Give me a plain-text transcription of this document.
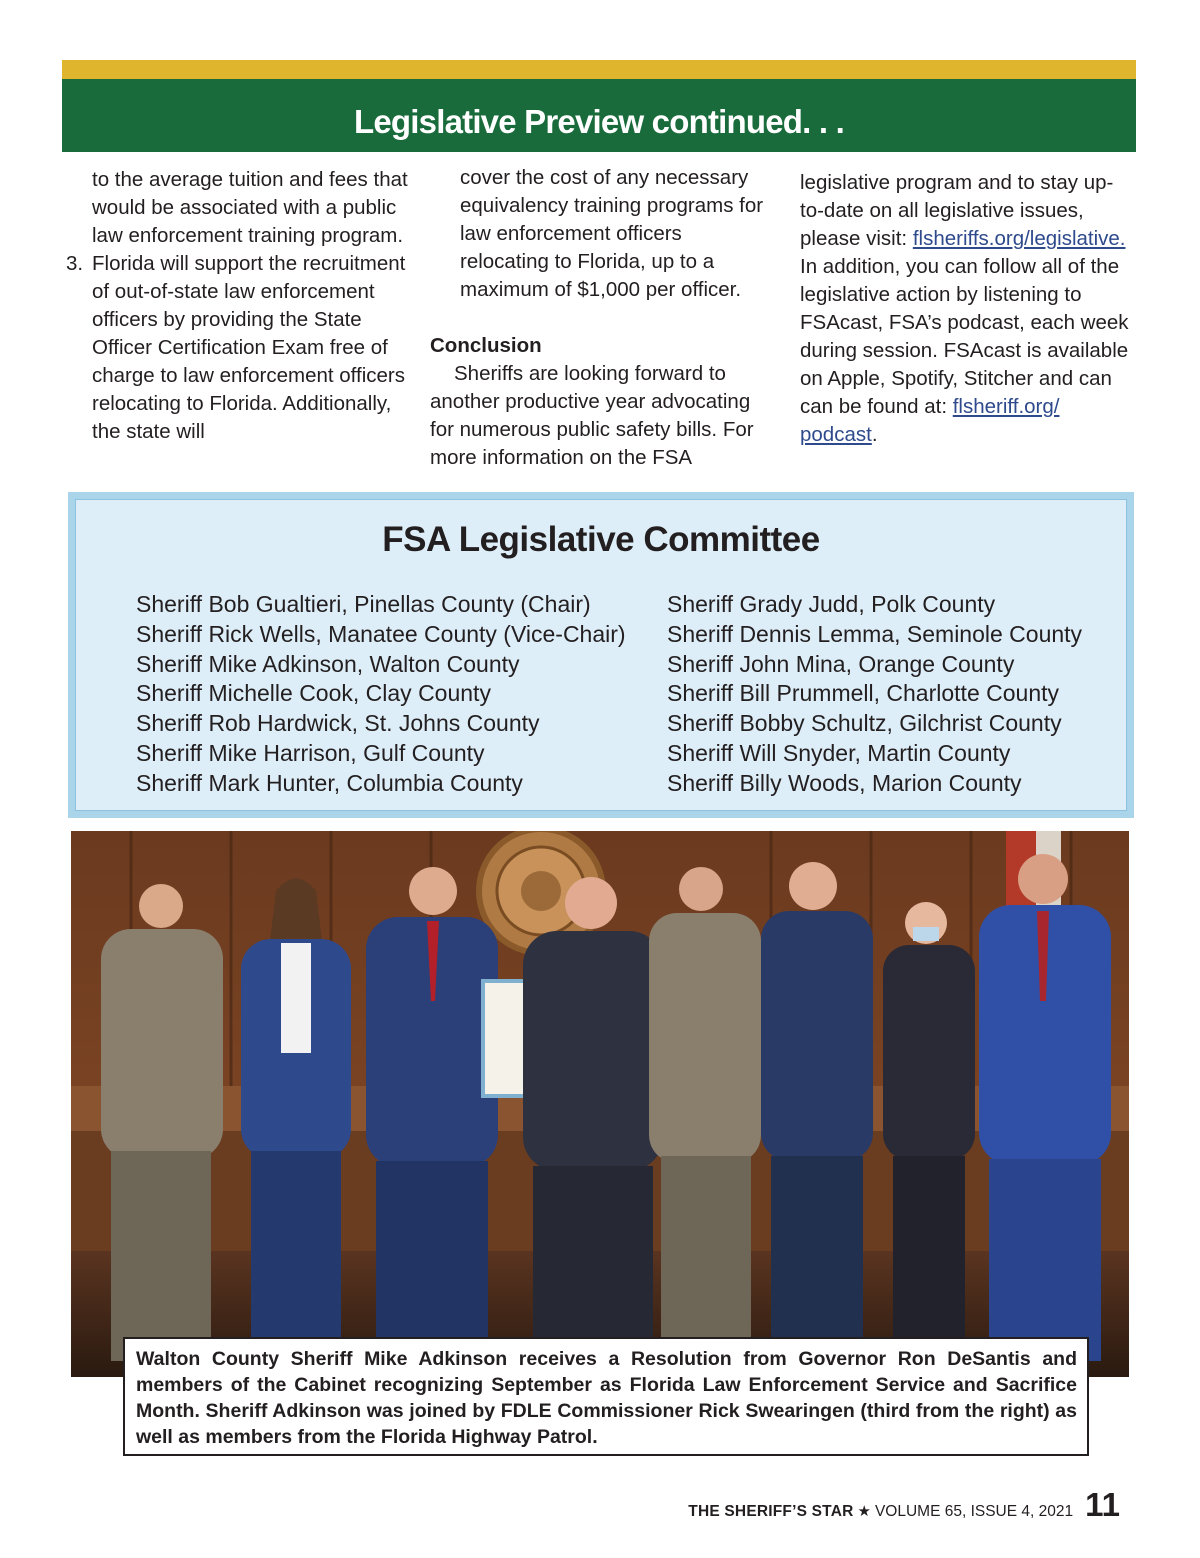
Legislative Preview continued. . .

to the average tuition and fees that would be associated with a public law enforcement training program.

3. Florida will support the recruitment of out-of-state law enforcement officers by providing the State Officer Certification Exam free of charge to law enforcement officers relocating to Florida. Additionally, the state will

cover the cost of any necessary equivalency training programs for law enforcement officers relocating to Florida, up to a maximum of $1,000 per officer.

Conclusion

Sheriffs are looking forward to another productive year advocating for numerous public safety bills. For more information on the FSA

legislative program and to stay up-to-date on all legislative issues, please visit: flsheriffs.org/legislative. In addition, you can follow all of the legislative action by listening to FSAcast, FSA’s podcast, each week during session. FSAcast is available on Apple, Spotify, Stitcher and can can be found at: flsheriff.org/ podcast.

FSA Legislative Committee
Sheriff Bob Gualtieri, Pinellas County (Chair)
Sheriff Rick Wells, Manatee County (Vice-Chair)
Sheriff Mike Adkinson, Walton County
Sheriff Michelle Cook, Clay County
Sheriff Rob Hardwick, St. Johns County
Sheriff Mike Harrison, Gulf County
Sheriff Mark Hunter, Columbia County
Sheriff Grady Judd, Polk County
Sheriff Dennis Lemma, Seminole County
Sheriff John Mina, Orange County
Sheriff Bill Prummell, Charlotte County
Sheriff Bobby Schultz, Gilchrist County
Sheriff Will Snyder, Martin County
Sheriff Billy Woods, Marion County

Walton County Sheriff Mike Adkinson receives a Resolution from Governor Ron DeSantis and members of the Cabinet recognizing September as Florida Law Enforcement Service and Sacrifice Month. Sheriff Adkinson was joined by FDLE Commissioner Rick Swearingen (third from the right) as well as members from the Florida Highway Patrol.

THE SHERIFF’S STAR ★ VOLUME 65, ISSUE 4, 2021 11
